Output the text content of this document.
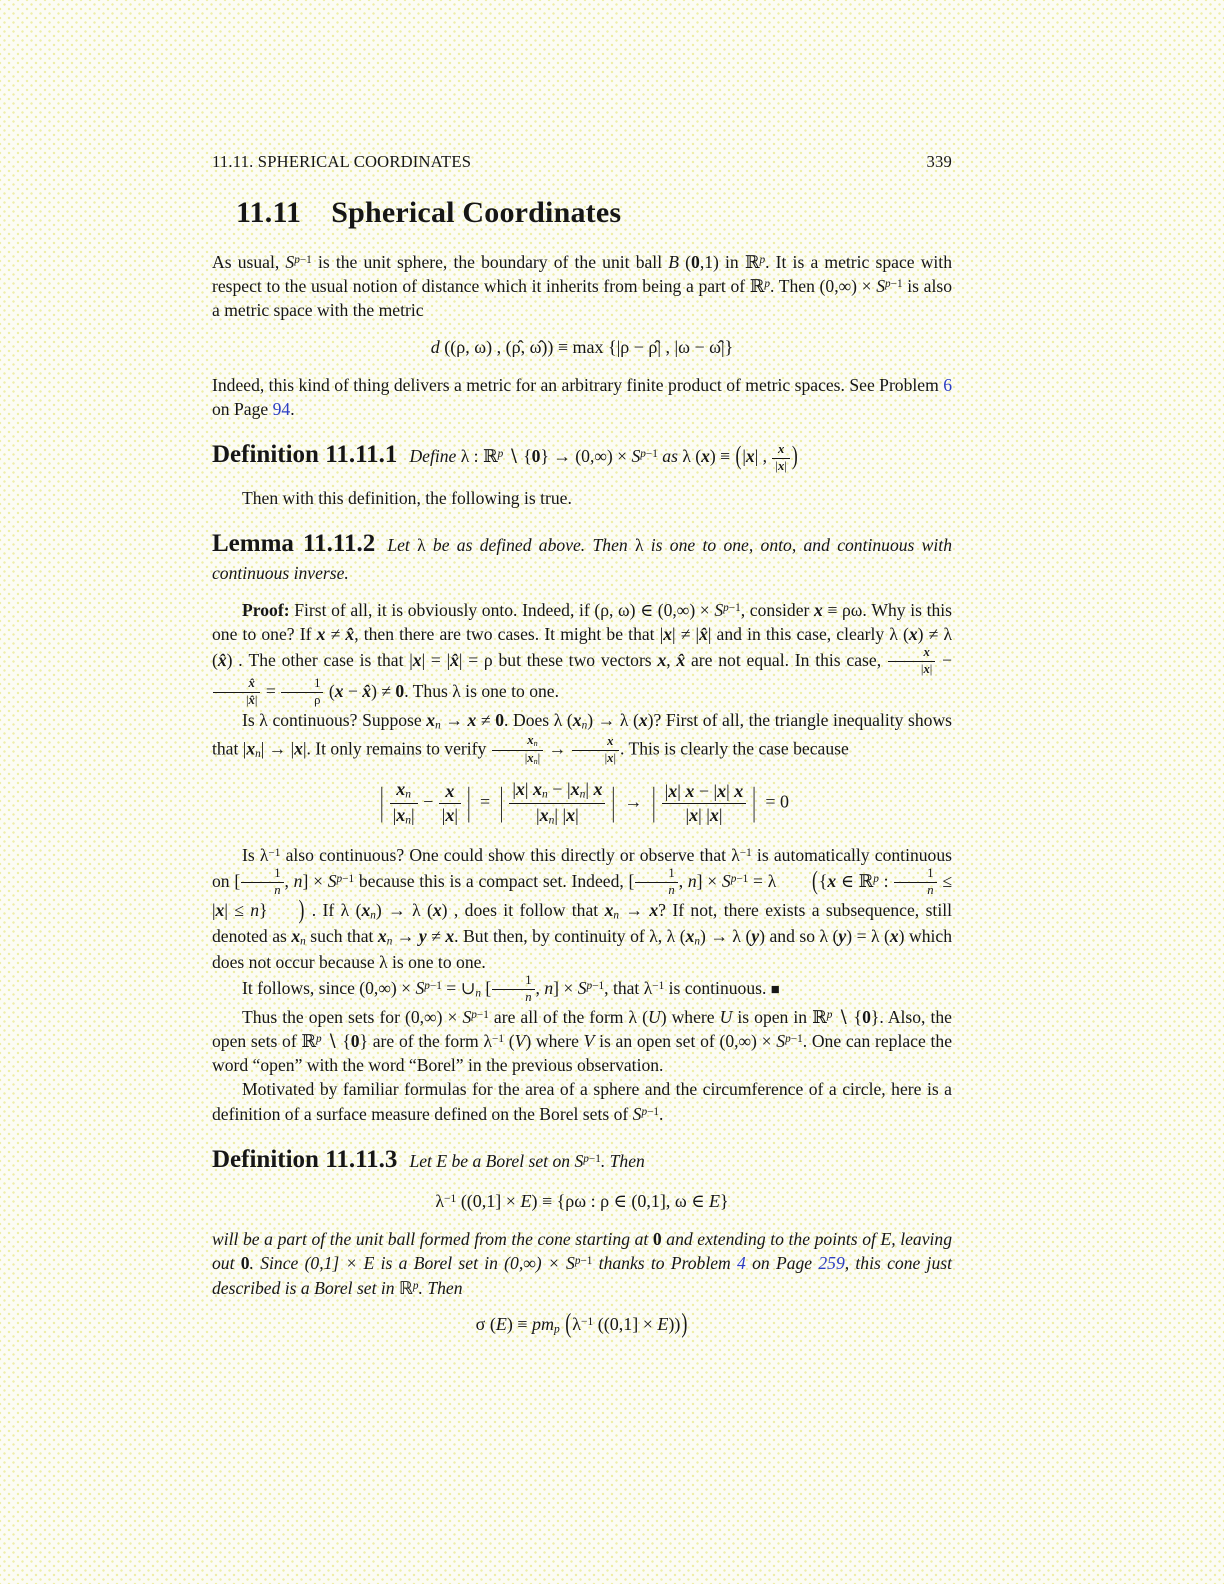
11.11. SPHERICAL COORDINATES	339
11.11 Spherical Coordinates
As usual, $S^{p-1}$ is the unit sphere, the boundary of the unit ball B (0,1) in ℝ$^p$. It is a metric space with respect to the usual notion of distance which it inherits from being a part of ℝ$^p$. Then $(0,\infty) \times S^{p-1}$ is also a metric space with the metric
d ((ρ, ω) , (ρ̂, ω̂)) ≡ max {|ρ − ρ̂| , |ω − ω̂|}
Indeed, this kind of thing delivers a metric for an arbitrary finite product of metric spaces. See Problem 6 on Page 94.
Definition 11.11.1 Define λ : ℝ$^p$ ∖ $\{0\} \to (0,\infty) \times S^{p-1}$ as λ (x) ≡ (|x| , $\frac{x}{|x|}$ )
Then with this definition, the following is true.
Lemma 11.11.2 Let λ be as defined above. Then λ is one to one, onto, and continuous with continuous inverse.
Proof: First of all, it is obviously onto. Indeed, if (ρ, ω) ∈ $(0,\infty) \times S^{p-1}$, consider x ≡ ρω. Why is this one to one? If x ≠ x̂, then there are two cases. It might be that |x| ≠ |x̂| and in this case, clearly λ (x) ≠ λ (x̂) . The other case is that |x| = |x̂| = ρ but these two vectors x, x̂ are not equal. In this case, $\frac{x}{|x|}$ −
$\frac{x̂}{|x̂|} = \frac{1}{\rho} (x$ − x̂) ≠ 0. Thus λ is one to one.
Is λ continuous? Suppose xn → x ≠ 0. Does λ (xn) → λ (x)? First of all, the triangle inequality shows that |xn| → |x|. It only remains to verify $\frac{xn}{|xn|} \to \frac{x}{|x|}$ . This is clearly the case because
| $\frac{xn}{|xn|} - \frac{x}{|x|}$ | = | $\frac{|x| xn - |xn| x}{|xn| |x|}$ | → | $\frac{|x| x - |x| x}{|x| |x|}$ | = 0
Is $\lambda^{-1}$ also continuous? One could show this directly or observe that $\lambda^{-1}$ is automatically continuous on [ $\frac{1}{n}$ , $n] \times S^{p-1}$ because this is a compact set. Indeed, [ $\frac{1}{n}$ , $n] \times S^{p-1} = \lambda$ ({x ∈ ℝ$^p$ : $\frac{1}{n} \le |x| \le n$} ) . If λ (xn) → λ (x) , does it follow that xn → x? If not, there exists a subsequence, still denoted as xn such that xn → y ≠ x. But then, by continuity of λ, λ (xn) → λ (y) and so λ (y) = λ (x) which does not occur because λ is one to one.
It follows, since $(0,\infty) \times S^{p-1}$ = ∪n [ $\frac{1}{n}$ , $n] \times S^{p-1}$, that $\lambda^{-1}$ is continuous. ■
Thus the open sets for $(0,\infty) \times S^{p-1}$ are all of the form λ (U) where U is open in ℝ$^p$ ∖ {0}. Also, the open sets of ℝ$^p$ ∖ {0} are of the form $\lambda^{-1}$ (V) where V is an open set of $(0,\infty) \times S^{p-1}$. One can replace the word “open” with the word “Borel” in the previous observation.
Motivated by familiar formulas for the area of a sphere and the circumference of a circle, here is a definition of a surface measure defined on the Borel sets of $S^{p-1}$.
Definition 11.11.3 Let E be a Borel set on $S^{p-1}$. Then
$\lambda^{-1}$ ((0,1] × E) ≡ {ρω : ρ ∈ (0,1], ω ∈ E}
will be a part of the unit ball formed from the cone starting at 0 and extending to the points of E, leaving out 0. Since (0,1] × E is a Borel set in $(0,\infty) \times S^{p-1}$ thanks to Problem 4 on Page 259, this cone just described is a Borel set in ℝ$^p$. Then
σ (E) ≡ pmp ($\lambda^{-1}$ ((0,1] × E)))
